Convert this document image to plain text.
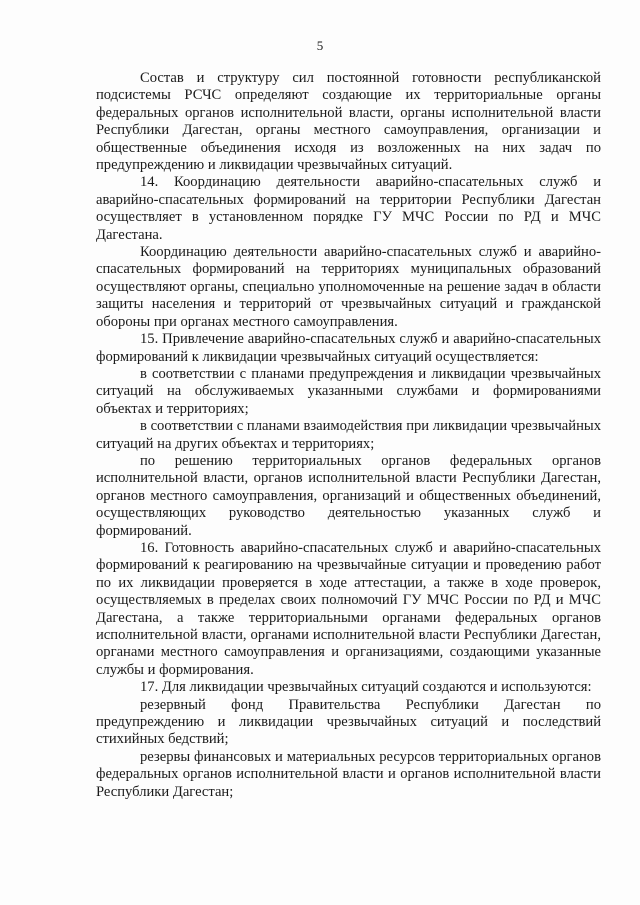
5

Состав и структуру сил постоянной готовности республиканской подсистемы РСЧС определяют создающие их территориальные органы федеральных органов исполнительной власти, органы исполнительной власти Республики Дагестан, органы местного самоуправления, организации и общественные объединения исходя из возложенных на них задач по предупреждению и ликвидации чрезвычайных ситуаций.

14. Координацию деятельности аварийно-спасательных служб и аварийно-спасательных формирований на территории Республики Дагестан осуществляет в установленном порядке ГУ МЧС России по РД и МЧС Дагестана.

Координацию деятельности аварийно-спасательных служб и аварийно-спасательных формирований на территориях муниципальных образований осуществляют органы, специально уполномоченные на решение задач в области защиты населения и территорий от чрезвычайных ситуаций и гражданской обороны при органах местного самоуправления.

15. Привлечение аварийно-спасательных служб и аварийно-спасательных формирований к ликвидации чрезвычайных ситуаций осуществляется:

в соответствии с планами предупреждения и ликвидации чрезвычайных ситуаций на обслуживаемых указанными службами и формированиями объектах и территориях;

в соответствии с планами взаимодействия при ликвидации чрезвычайных ситуаций на других объектах и территориях;

по решению территориальных органов федеральных органов исполнительной власти, органов исполнительной власти Республики Дагестан, органов местного самоуправления, организаций и общественных объединений, осуществляющих руководство деятельностью указанных служб и формирований.

16. Готовность аварийно-спасательных служб и аварийно-спасательных формирований к реагированию на чрезвычайные ситуации и проведению работ по их ликвидации проверяется в ходе аттестации, а также в ходе проверок, осуществляемых в пределах своих полномочий ГУ МЧС России по РД и МЧС Дагестана, а также территориальными органами федеральных органов исполнительной власти, органами исполнительной власти Республики Дагестан, органами местного самоуправления и организациями, создающими указанные службы и формирования.

17. Для ликвидации чрезвычайных ситуаций создаются и используются:

резервный фонд Правительства Республики Дагестан по предупреждению и ликвидации чрезвычайных ситуаций и последствий стихийных бедствий;

резервы финансовых и материальных ресурсов территориальных органов федеральных органов исполнительной власти и органов исполнительной власти Республики Дагестан;
